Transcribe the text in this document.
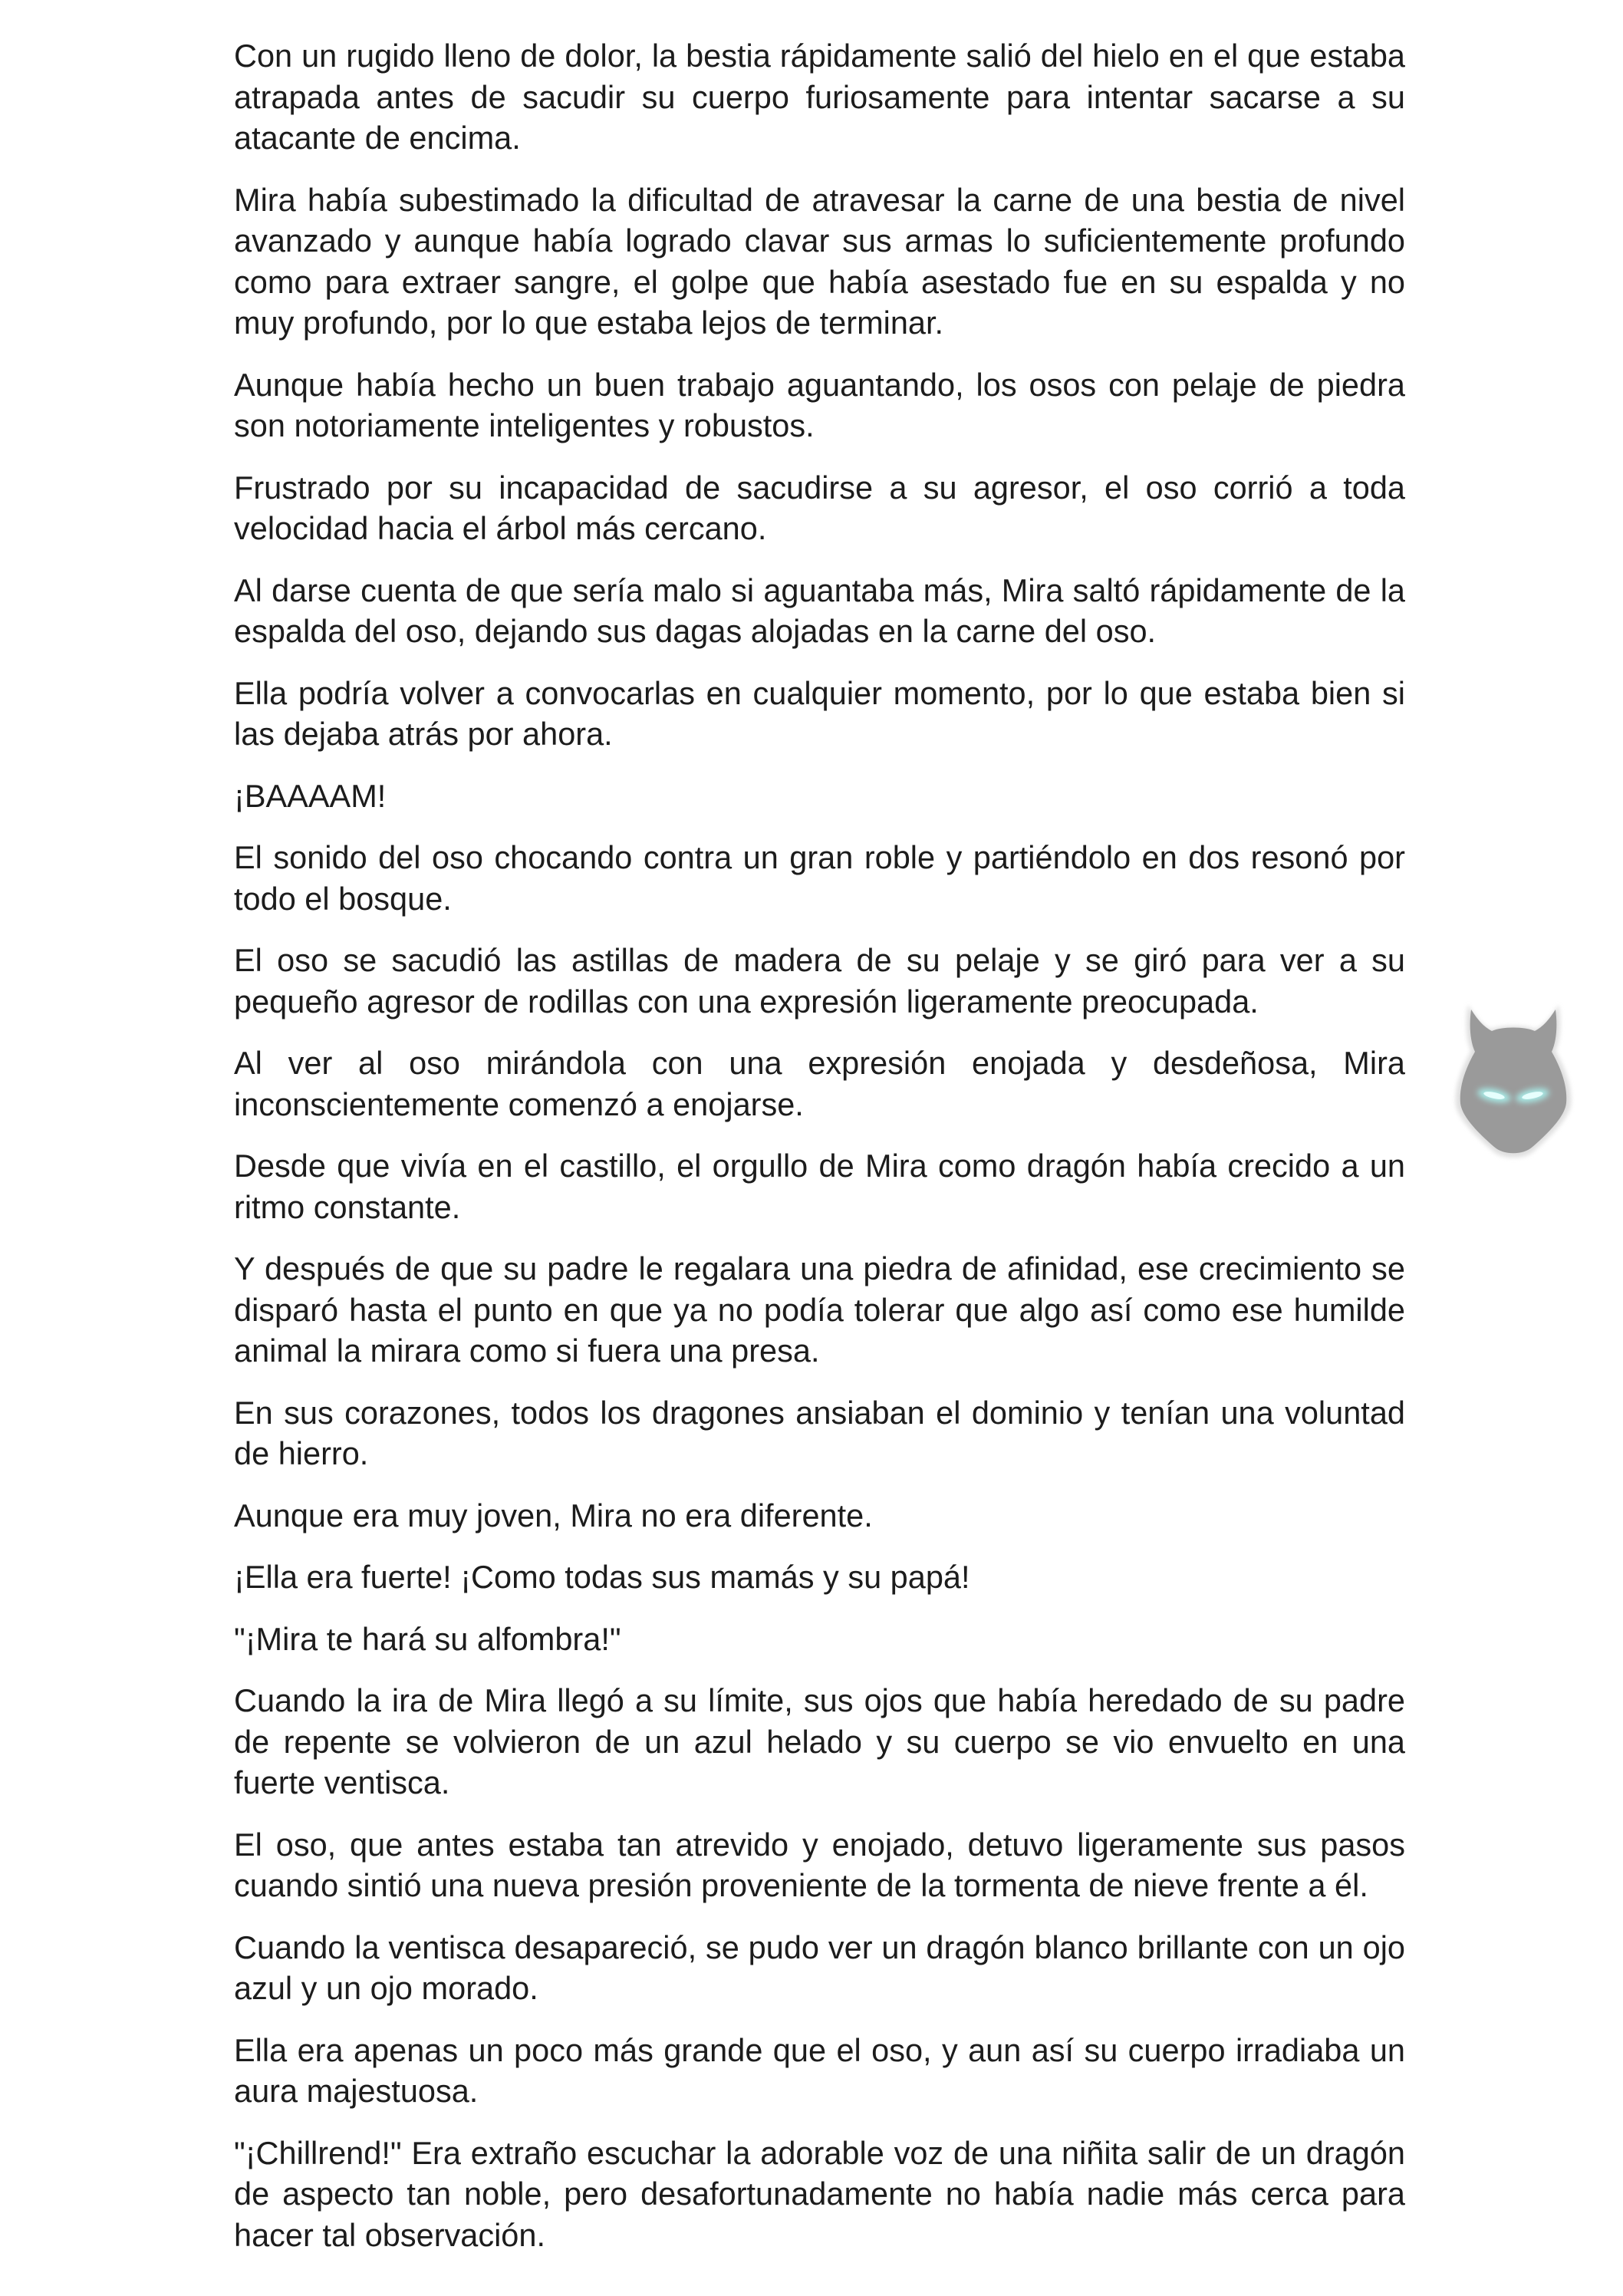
Con un rugido lleno de dolor, la bestia rápidamente salió del hielo en el que estaba atrapada antes de sacudir su cuerpo furiosamente para intentar sacarse a su atacante de encima.

Mira había subestimado la dificultad de atravesar la carne de una bestia de nivel avanzado y aunque había logrado clavar sus armas lo suficientemente profundo como para extraer sangre, el golpe que había asestado fue en su espalda y no muy profundo, por lo que estaba lejos de terminar.

Aunque había hecho un buen trabajo aguantando, los osos con pelaje de piedra son notoriamente inteligentes y robustos.

Frustrado por su incapacidad de sacudirse a su agresor, el oso corrió a toda velocidad hacia el árbol más cercano.

Al darse cuenta de que sería malo si aguantaba más, Mira saltó rápidamente de la espalda del oso, dejando sus dagas alojadas en la carne del oso.

Ella podría volver a convocarlas en cualquier momento, por lo que estaba bien si las dejaba atrás por ahora.

¡BAAAAM!

El sonido del oso chocando contra un gran roble y partiéndolo en dos resonó por todo el bosque.

El oso se sacudió las astillas de madera de su pelaje y se giró para ver a su pequeño agresor de rodillas con una expresión ligeramente preocupada.

Al ver al oso mirándola con una expresión enojada y desdeñosa, Mira inconscientemente comenzó a enojarse.

Desde que vivía en el castillo, el orgullo de Mira como dragón había crecido a un ritmo constante.

Y después de que su padre le regalara una piedra de afinidad, ese crecimiento se disparó hasta el punto en que ya no podía tolerar que algo así como ese humilde animal la mirara como si fuera una presa.

En sus corazones, todos los dragones ansiaban el dominio y tenían una voluntad de hierro.

Aunque era muy joven, Mira no era diferente.

¡Ella era fuerte! ¡Como todas sus mamás y su papá!

"¡Mira te hará su alfombra!"

Cuando la ira de Mira llegó a su límite, sus ojos que había heredado de su padre de repente se volvieron de un azul helado y su cuerpo se vio envuelto en una fuerte ventisca.

El oso, que antes estaba tan atrevido y enojado, detuvo ligeramente sus pasos cuando sintió una nueva presión proveniente de la tormenta de nieve frente a él.

Cuando la ventisca desapareció, se pudo ver un dragón blanco brillante con un ojo azul y un ojo morado.

Ella era apenas un poco más grande que el oso, y aun así su cuerpo irradiaba un aura majestuosa.

"¡Chillrend!" Era extraño escuchar la adorable voz de una niñita salir de un dragón de aspecto tan noble, pero desafortunadamente no había nadie más cerca para hacer tal observación.
